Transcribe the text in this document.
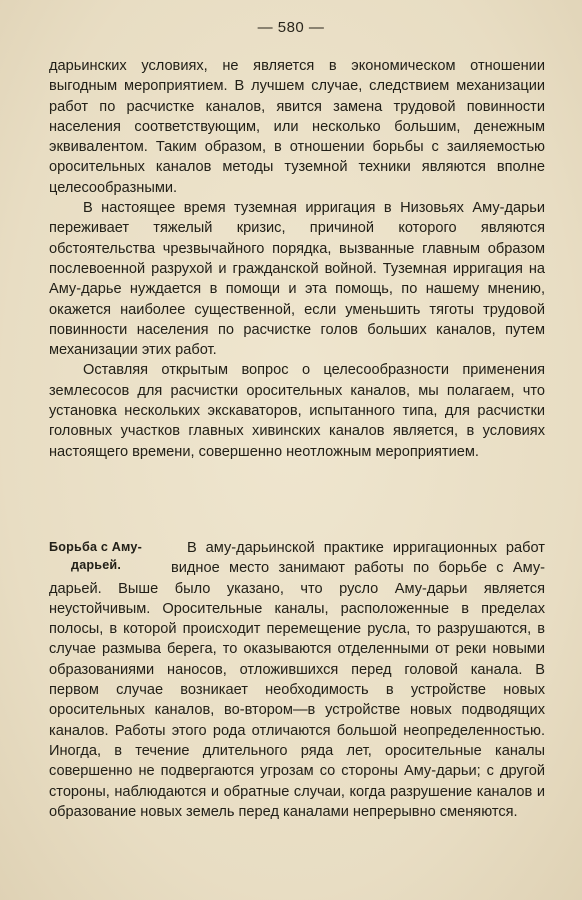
— 580 —

дарьинских условиях, не является в экономическом отношении выгодным мероприятием. В лучшем случае, следствием механизации работ по расчистке каналов, явится замена трудовой повинности населения соответствующим, или несколько большим, денежным эквивалентом. Таким образом, в отношении борьбы с заиляемостью оросительных каналов методы туземной техники являются вполне целесообразными.

В настоящее время туземная ирригация в Низовьях Аму-дарьи переживает тяжелый кризис, причиной которого являются обстоятельства чрезвычайного порядка, вызванные главным образом послевоенной разрухой и гражданской войной. Туземная ирригация на Аму-дарье нуждается в помощи и эта помощь, по нашему мнению, окажется наиболее существенной, если уменьшить тяготы трудовой повинности населения по расчистке голов больших каналов, путем механизации этих работ.

Оставляя открытым вопрос о целесообразности применения землесосов для расчистки оросительных каналов, мы полагаем, что установка нескольких экскаваторов, испытанного типа, для расчистки головных участков главных хивинских каналов является, в условиях настоящего времени, совершенно неотложным мероприятием.

Борьба с Аму-
дарьей.

В аму-дарьинской практике ирригационных работ видное место занимают работы по борьбе с Аму-дарьей. Выше было указано, что русло Аму-дарьи является неустойчивым. Оросительные каналы, расположенные в пределах полосы, в которой происходит перемещение русла, то разрушаются, в случае размыва берега, то оказываются отделенными от реки новыми образованиями наносов, отложившихся перед головой канала. В первом случае возникает необходимость в устройстве новых оросительных каналов, во-втором—в устройстве новых подводящих каналов. Работы этого рода отличаются большой неопределенностью. Иногда, в течение длительного ряда лет, оросительные каналы совершенно не подвергаются угрозам со стороны Аму-дарьи; с другой стороны, наблюдаются и обратные случаи, когда разрушение каналов и образование новых земель перед каналами непрерывно сменяются.
